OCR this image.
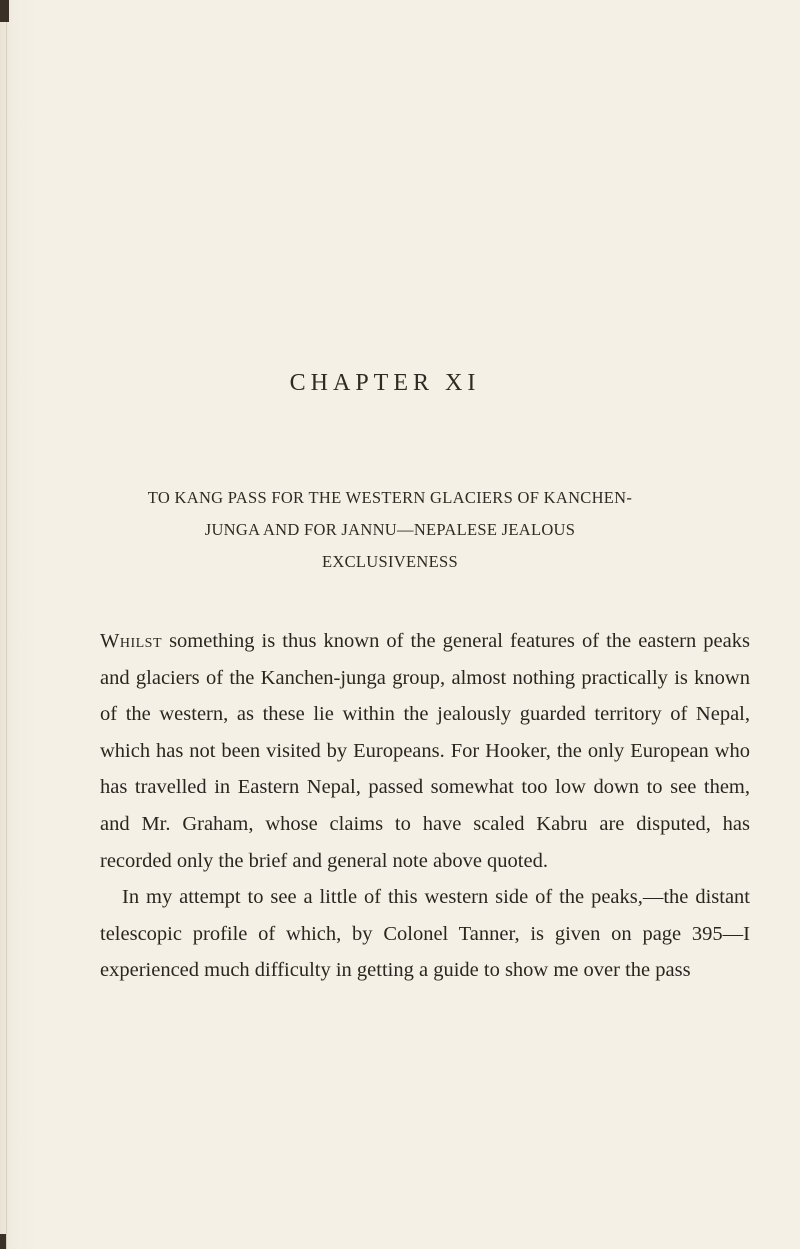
CHAPTER XI
TO KANG PASS FOR THE WESTERN GLACIERS OF KANCHEN-
JUNGA AND FOR JANNU—NEPALESE JEALOUS
EXCLUSIVENESS

Whilst something is thus known of the general features of the eastern peaks and glaciers of the Kanchen-junga group, almost nothing practically is known of the western, as these lie within the jealously guarded territory of Nepal, which has not been visited by Europeans. For Hooker, the only European who has travelled in Eastern Nepal, passed somewhat too low down to see them, and Mr. Graham, whose claims to have scaled Kabru are disputed, has recorded only the brief and general note above quoted.

In my attempt to see a little of this western side of the peaks,—the distant telescopic profile of which, by Colonel Tanner, is given on page 395—I experienced much difficulty in getting a guide to show me over the pass
